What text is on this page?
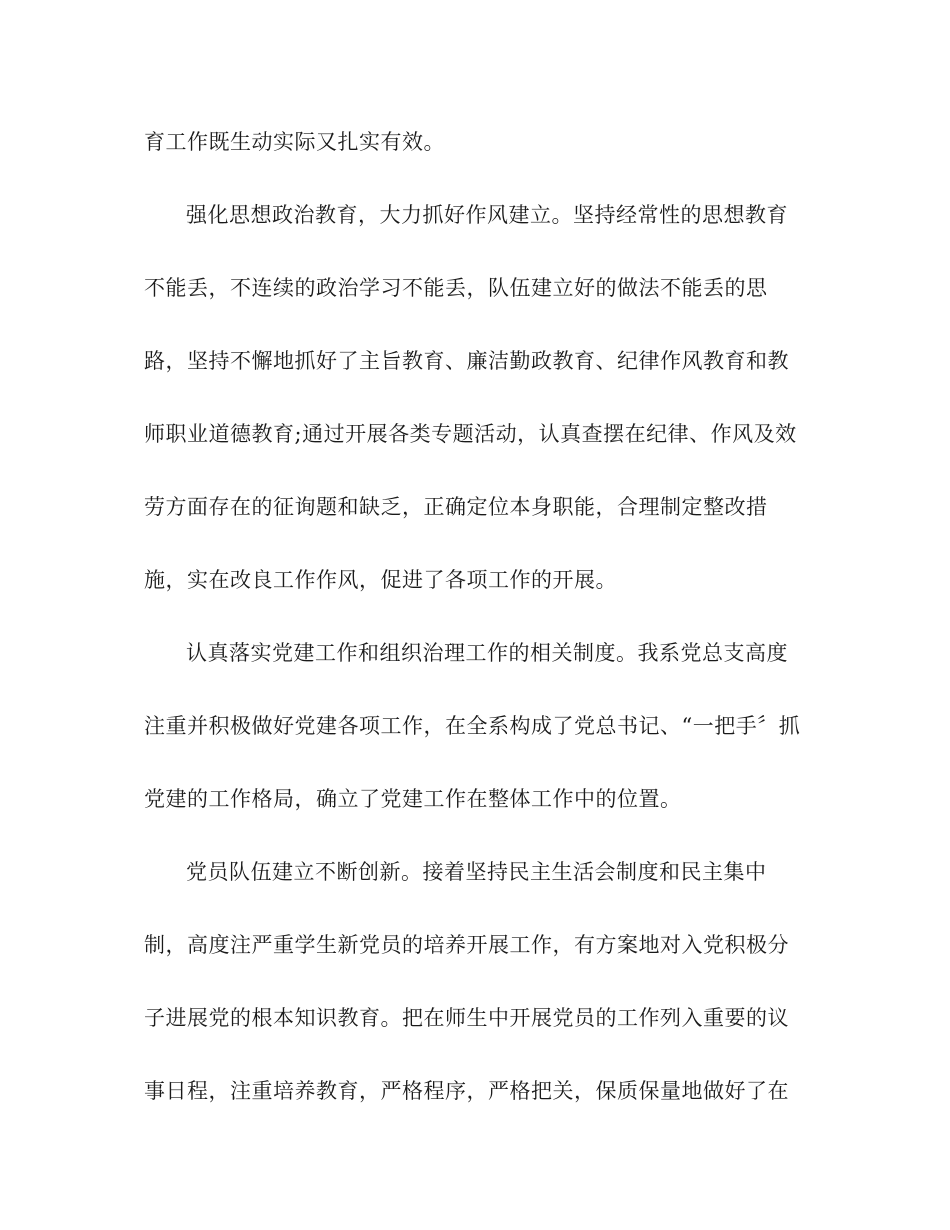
育工作既生动实际又扎实有效。
强化思想政治教育，大力抓好作风建立。坚持经常性的思想教育
不能丢，不连续的政治学习不能丢，队伍建立好的做法不能丢的思
路，坚持不懈地抓好了主旨教育、廉洁勤政教育、纪律作风教育和教
师职业道德教育;通过开展各类专题活动，认真查摆在纪律、作风及效
劳方面存在的征询题和缺乏，正确定位本身职能，合理制定整改措
施，实在改良工作作风，促进了各项工作的开展。
认真落实党建工作和组织治理工作的相关制度。我系党总支高度
注重并积极做好党建各项工作，在全系构成了党总书记、“一把手〞抓
党建的工作格局，确立了党建工作在整体工作中的位置。
党员队伍建立不断创新。接着坚持民主生活会制度和民主集中
制，高度注严重学生新党员的培养开展工作，有方案地对入党积极分
子进展党的根本知识教育。把在师生中开展党员的工作列入重要的议
事日程，注重培养教育，严格程序，严格把关，保质保量地做好了在
